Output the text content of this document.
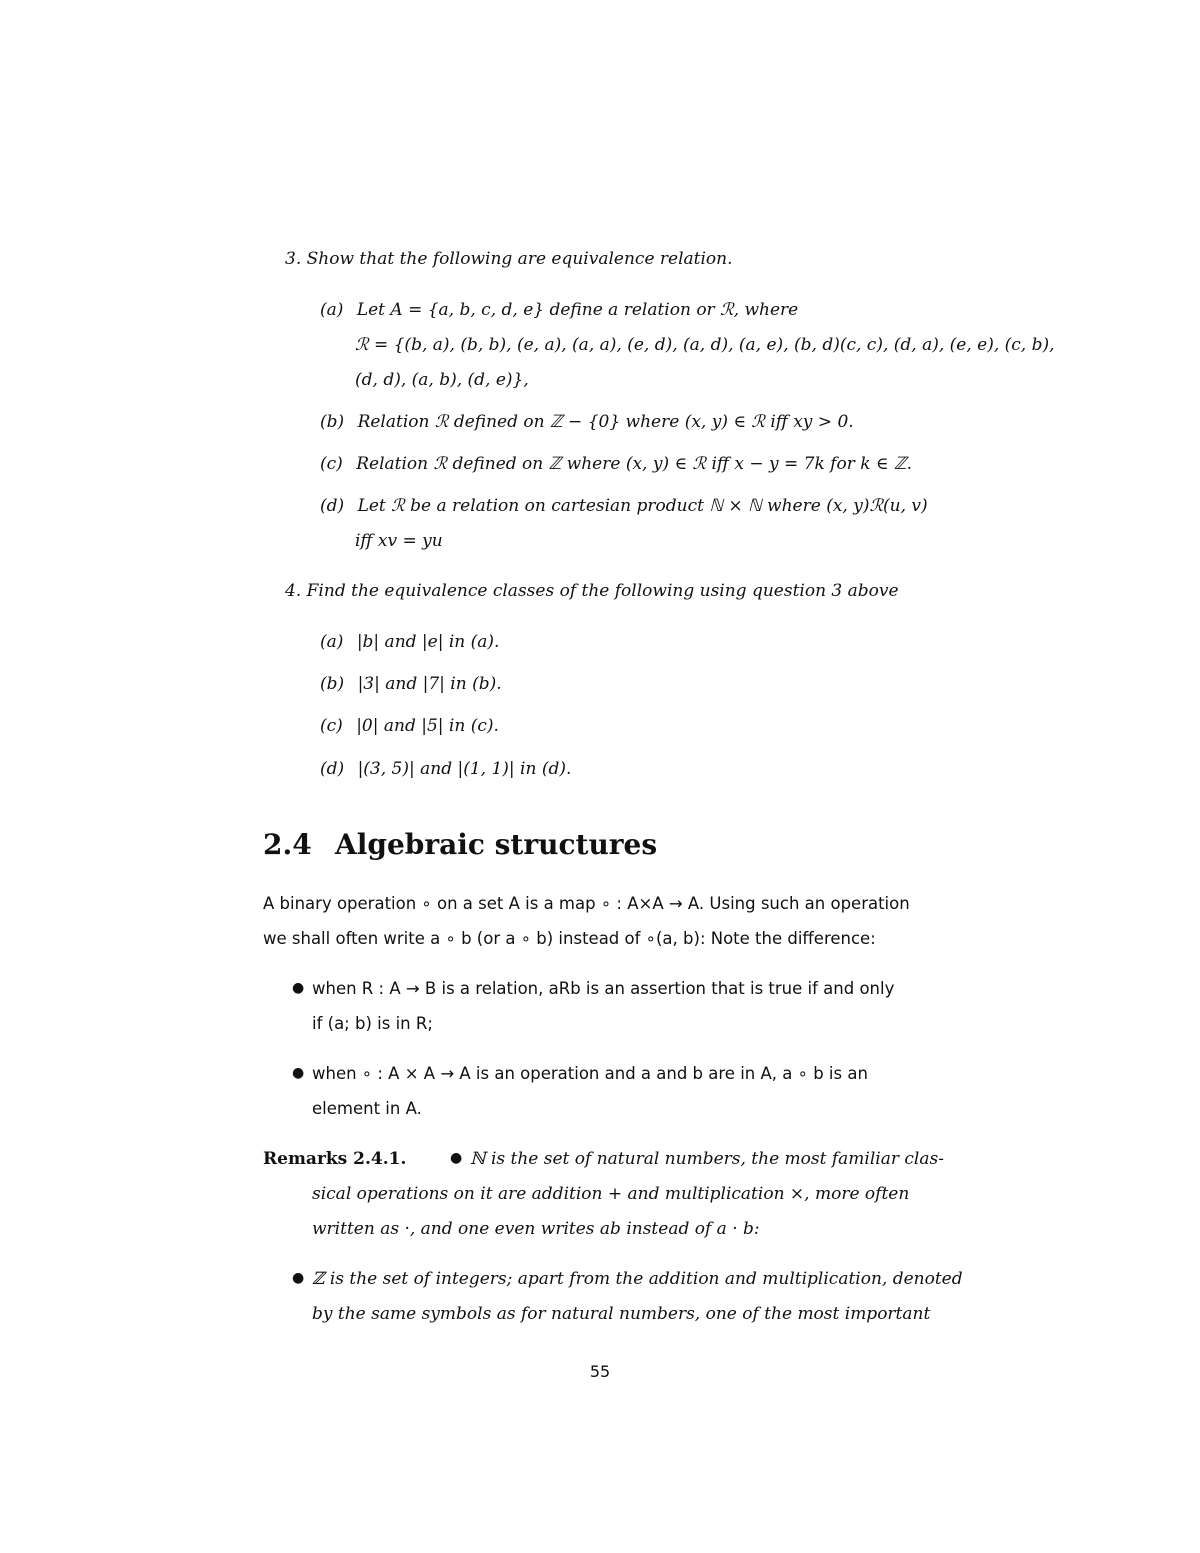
3. Show that the following are equivalence relation.
(a) Let A = {a, b, c, d, e} define a relation or ℛ, where
ℛ = {(b, a), (b, b), (e, a), (a, a), (e, d), (a, d), (a, e), (b, d)(c, c), (d, a), (e, e), (c, b),
(d, d), (a, b), (d, e)},
(b) Relation ℛ defined on ℤ − {0} where (x, y) ∈ ℛ iff xy > 0.
(c) Relation ℛ defined on ℤ where (x, y) ∈ ℛ iff x − y = 7k for k ∈ ℤ.
(d) Let ℛ be a relation on cartesian product ℕ × ℕ where (x, y)ℛ(u, v)
iff xv = yu
4. Find the equivalence classes of the following using question 3 above
(a) |b| and |e| in (a).
(b) |3| and |7| in (b).
(c) |0| and |5| in (c).
(d) |(3, 5)| and |(1, 1)| in (d).
2.4 Algebraic structures
A binary operation ∘ on a set A is a map ∘ : A×A → A. Using such an operation
we shall often write a ∘ b (or a ∘ b) instead of ∘(a, b): Note the difference:
● when R : A → B is a relation, aRb is an assertion that is true if and only
if (a; b) is in R;
● when ∘ : A × A → A is an operation and a and b are in A, a ∘ b is an
element in A.
Remarks 2.4.1.	● ℕ is the set of natural numbers, the most familiar clas-
sical operations on it are addition + and multiplication ×, more often
written as ·, and one even writes ab instead of a · b:
● ℤ is the set of integers; apart from the addition and multiplication, denoted
by the same symbols as for natural numbers, one of the most important
55
